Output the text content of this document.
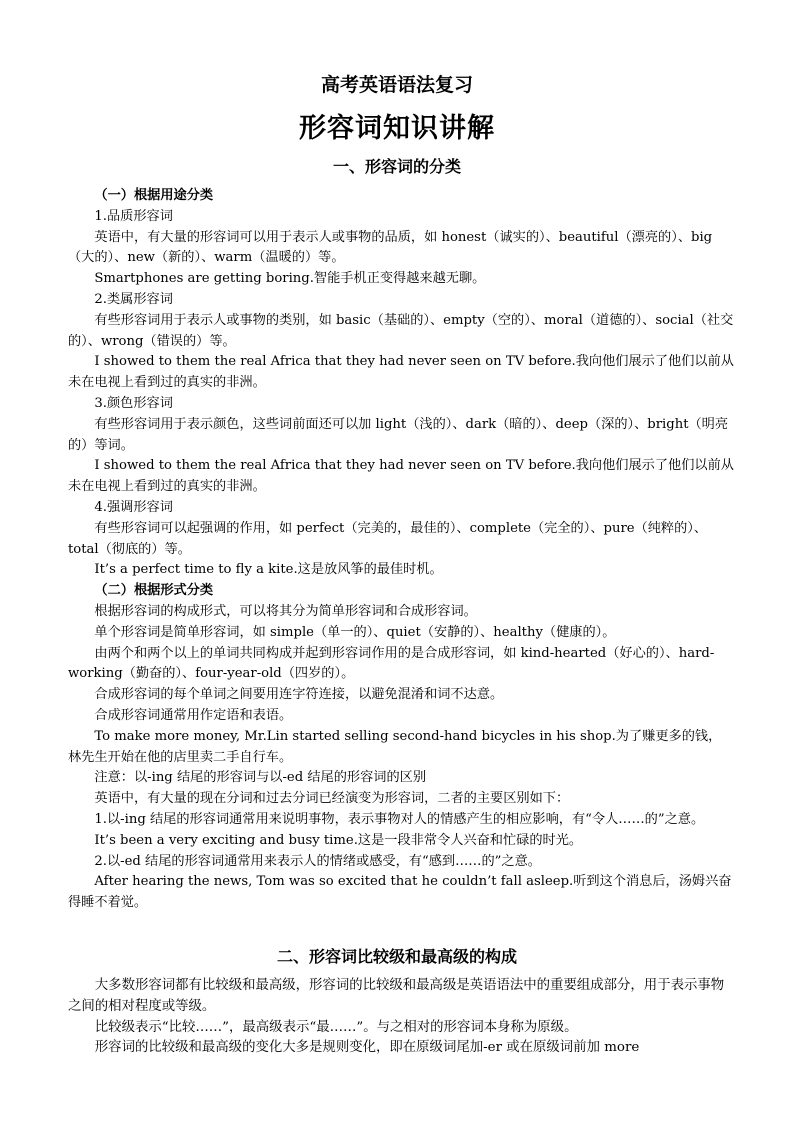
高考英语语法复习
形容词知识讲解
一、形容词的分类

（一）根据用途分类

1.品质形容词

英语中，有大量的形容词可以用于表示人或事物的品质，如 honest（诚实的）、beautiful（漂亮的）、big（大的）、new（新的）、warm（温暖的）等。

Smartphones are getting boring.智能手机正变得越来越无聊。

2.类属形容词

有些形容词用于表示人或事物的类别，如 basic（基础的）、empty（空的）、moral（道德的）、social（社交的）、wrong（错误的）等。

I showed to them the real Africa that they had never seen on TV before.我向他们展示了他们以前从未在电视上看到过的真实的非洲。

3.颜色形容词

有些形容词用于表示颜色，这些词前面还可以加 light（浅的）、dark（暗的）、deep（深的）、bright（明亮的）等词。

I showed to them the real Africa that they had never seen on TV before.我向他们展示了他们以前从未在电视上看到过的真实的非洲。

4.强调形容词

有些形容词可以起强调的作用，如 perfect（完美的，最佳的）、complete（完全的）、pure（纯粹的）、total（彻底的）等。

It’s a perfect time to fly a kite.这是放风筝的最佳时机。

（二）根据形式分类

根据形容词的构成形式，可以将其分为简单形容词和合成形容词。

单个形容词是简单形容词，如 simple（单一的）、quiet（安静的）、healthy（健康的）。

由两个和两个以上的单词共同构成并起到形容词作用的是合成形容词，如 kind-hearted（好心的）、hard-working（勤奋的）、four-year-old（四岁的）。

合成形容词的每个单词之间要用连字符连接，以避免混淆和词不达意。

合成形容词通常用作定语和表语。

To make more money, Mr.Lin started selling second-hand bicycles in his shop.为了赚更多的钱，林先生开始在他的店里卖二手自行车。

注意：以-ing 结尾的形容词与以-ed 结尾的形容词的区别

英语中，有大量的现在分词和过去分词已经演变为形容词，二者的主要区别如下：

1.以-ing 结尾的形容词通常用来说明事物，表示事物对人的情感产生的相应影响，有“令人……的”之意。

It’s been a very exciting and busy time.这是一段非常令人兴奋和忙碌的时光。

2.以-ed 结尾的形容词通常用来表示人的情绪或感受，有“感到……的”之意。

After hearing the news, Tom was so excited that he couldn’t fall asleep.听到这个消息后，汤姆兴奋得睡不着觉。

二、形容词比较级和最高级的构成

大多数形容词都有比较级和最高级，形容词的比较级和最高级是英语语法中的重要组成部分，用于表示事物之间的相对程度或等级。

比较级表示“比较……”，最高级表示“最……”。与之相对的形容词本身称为原级。

形容词的比较级和最高级的变化大多是规则变化，即在原级词尾加-er 或在原级词前加 more
